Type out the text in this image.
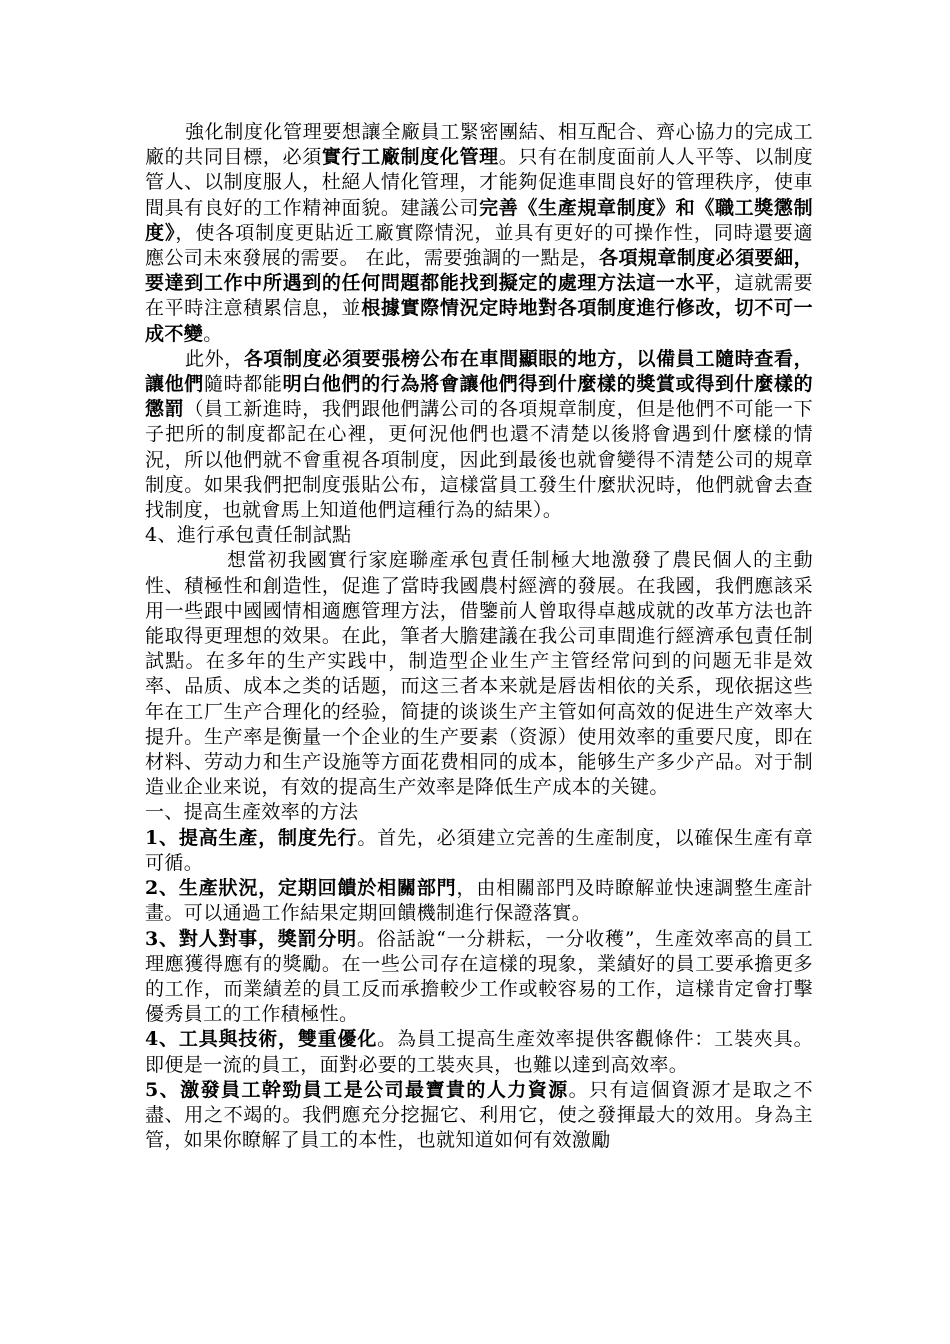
強化制度化管理要想讓全廠員工緊密團結、相互配合、齊心協力的完成工廠的共同目標，必須實行工廠制度化管理。只有在制度面前人人平等、以制度管人、以制度服人，杜絕人情化管理，才能夠促進車間良好的管理秩序，使車間具有良好的工作精神面貌。建議公司完善《生產規章制度》和《職工獎懲制度》，使各項制度更貼近工廠實際情況，並具有更好的可操作性，同時還要適應公司未來發展的需要。 在此，需要強調的一點是，各項規章制度必須要細，要達到工作中所遇到的任何問題都能找到擬定的處理方法這一水平，這就需要在平時注意積累信息，並根據實際情況定時地對各項制度進行修改，切不可一成不變。

此外，各項制度必須要張榜公布在車間顯眼的地方，以備員工隨時查看，讓他們隨時都能明白他們的行為將會讓他們得到什麼樣的獎賞或得到什麼樣的懲罰（員工新進時，我們跟他們講公司的各項規章制度，但是他們不可能一下子把所的制度都記在心裡，更何況他們也還不清楚以後將會遇到什麼樣的情況，所以他們就不會重視各項制度，因此到最後也就會變得不清楚公司的規章制度。如果我們把制度張貼公布，這樣當員工發生什麼狀況時，他們就會去查找制度，也就會馬上知道他們這種行為的結果）。

4、進行承包責任制試點

想當初我國實行家庭聯產承包責任制極大地激發了農民個人的主動性、積極性和創造性，促進了當時我國農村經濟的發展。在我國，我們應該采用一些跟中國國情相適應管理方法，借鑒前人曾取得卓越成就的改革方法也許能取得更理想的效果。在此，筆者大膽建議在我公司車間進行經濟承包責任制試點。在多年的生产实践中，制造型企业生产主管经常问到的问题无非是效率、品质、成本之类的话题，而这三者本来就是唇齿相依的关系，现依据这些年在工厂生产合理化的经验，简捷的谈谈生产主管如何高效的促进生产效率大提升。生产率是衡量一个企业的生产要素（资源）使用效率的重要尺度，即在材料、劳动力和生产设施等方面花费相同的成本，能够生产多少产品。对于制造业企业来说，有效的提高生产效率是降低生产成本的关键。

一、提高生產效率的方法

1、提高生產，制度先行。首先，必須建立完善的生產制度，以確保生產有章可循。

2、生產狀況，定期回饋於相關部門，由相關部門及時瞭解並快速調整生產計畫。可以通過工作結果定期回饋機制進行保證落實。

3、對人對事，獎罰分明。俗話說“一分耕耘，一分收穫”，生產效率高的員工理應獲得應有的獎勵。在一些公司存在這樣的現象，業績好的員工要承擔更多的工作，而業績差的員工反而承擔較少工作或較容易的工作，這樣肯定會打擊優秀員工的工作積極性。

4、工具與技術，雙重優化。為員工提高生產效率提供客觀條件：工裝夾具。即便是一流的員工，面對必要的工裝夾具，也難以達到高效率。

5、激發員工幹勁員工是公司最寶貴的人力資源。只有這個資源才是取之不盡、用之不竭的。我們應充分挖掘它、利用它，使之發揮最大的效用。身為主管，如果你瞭解了員工的本性，也就知道如何有效激勵
